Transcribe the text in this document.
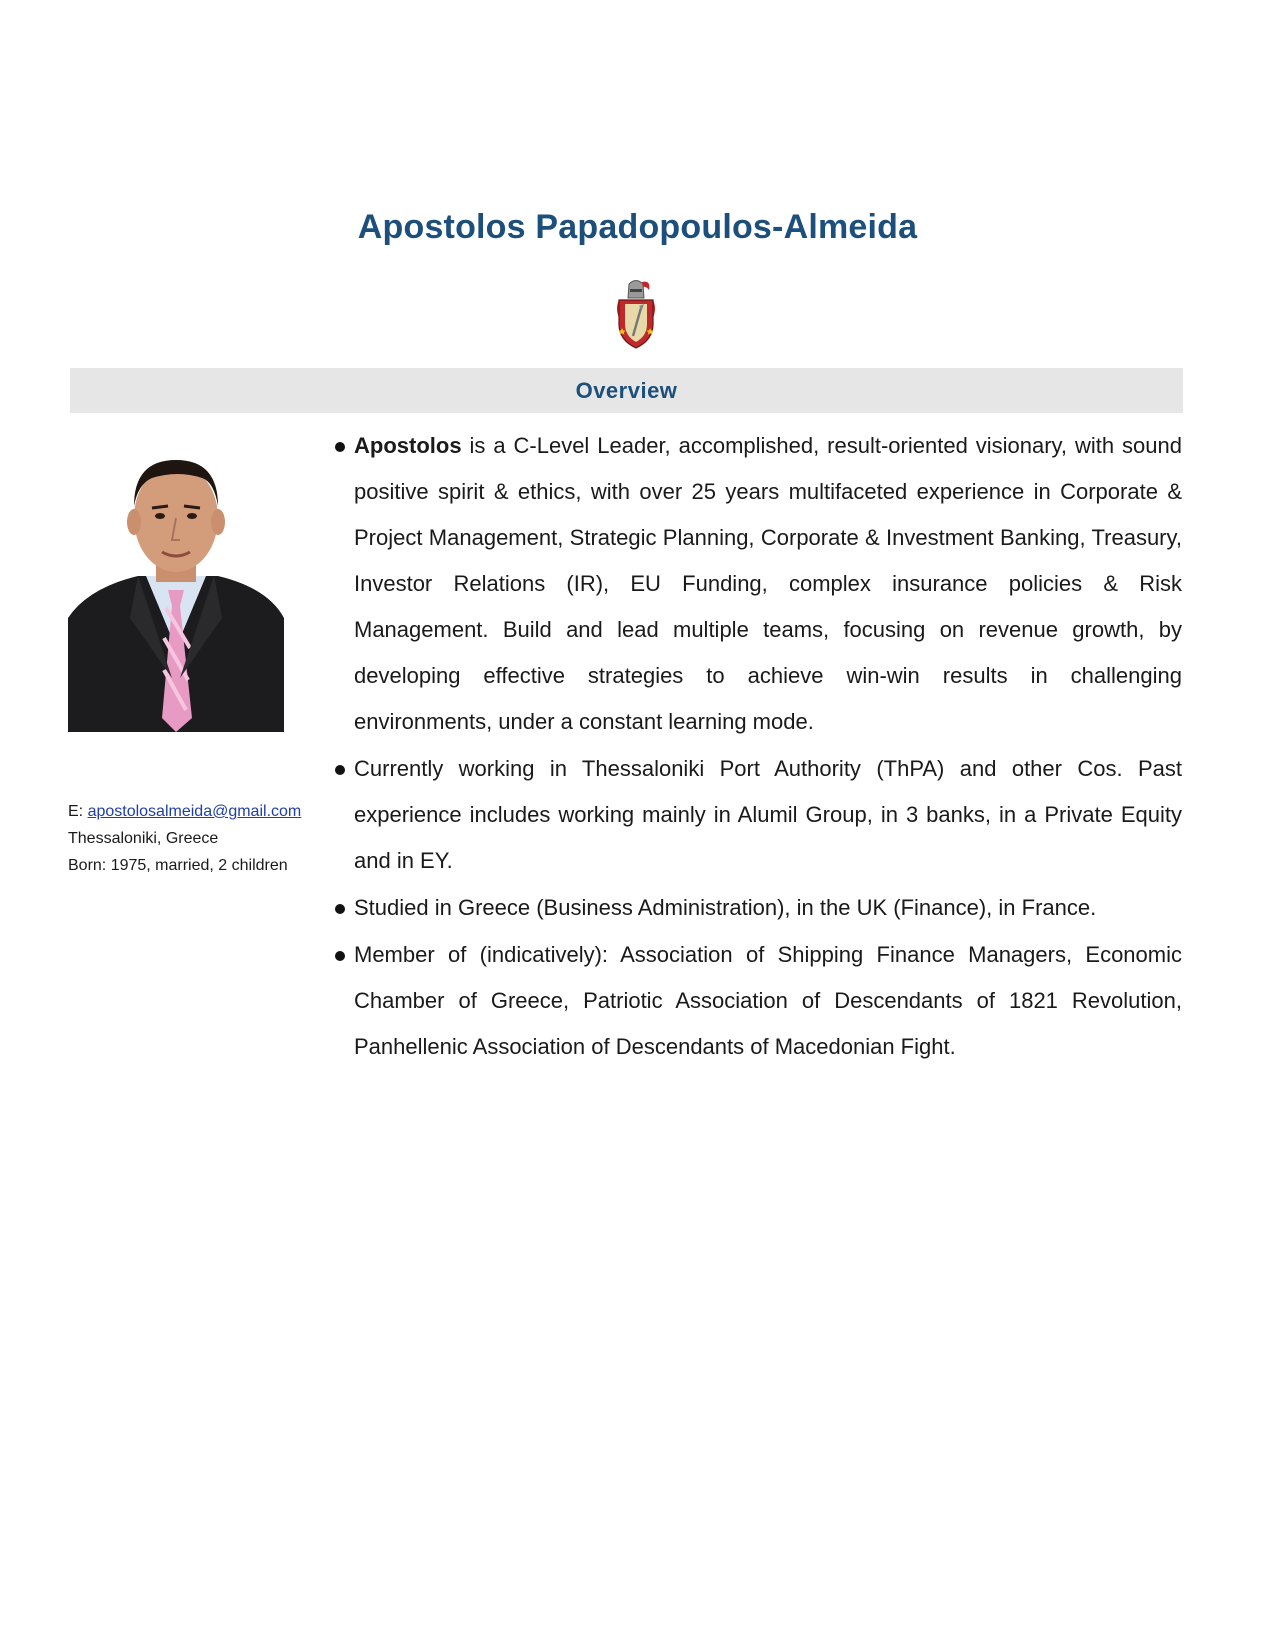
Apostolos Papadopoulos-Almeida
Overview
E: apostolosalmeida@gmail.com
Thessaloniki, Greece
Born: 1975, married, 2 children
Apostolos is a C-Level Leader, accomplished, result-oriented visionary, with sound positive spirit & ethics, with over 25 years multifaceted experience in Corporate & Project Management, Strategic Planning, Corporate & Investment Banking, Treasury, Investor Relations (IR), EU Funding, complex insurance policies & Risk Management. Build and lead multiple teams, focusing on revenue growth, by developing effective strategies to achieve win-win results in challenging environments, under a constant learning mode.
Currently working in Thessaloniki Port Authority (ThPA) and other Cos. Past experience includes working mainly in Alumil Group, in 3 banks, in a Private Equity and in EY.
Studied in Greece (Business Administration), in the UK (Finance), in France.
Member of (indicatively): Association of Shipping Finance Managers, Economic Chamber of Greece, Patriotic Association of Descendants of 1821 Revolution, Panhellenic Association of Descendants of Macedonian Fight.
